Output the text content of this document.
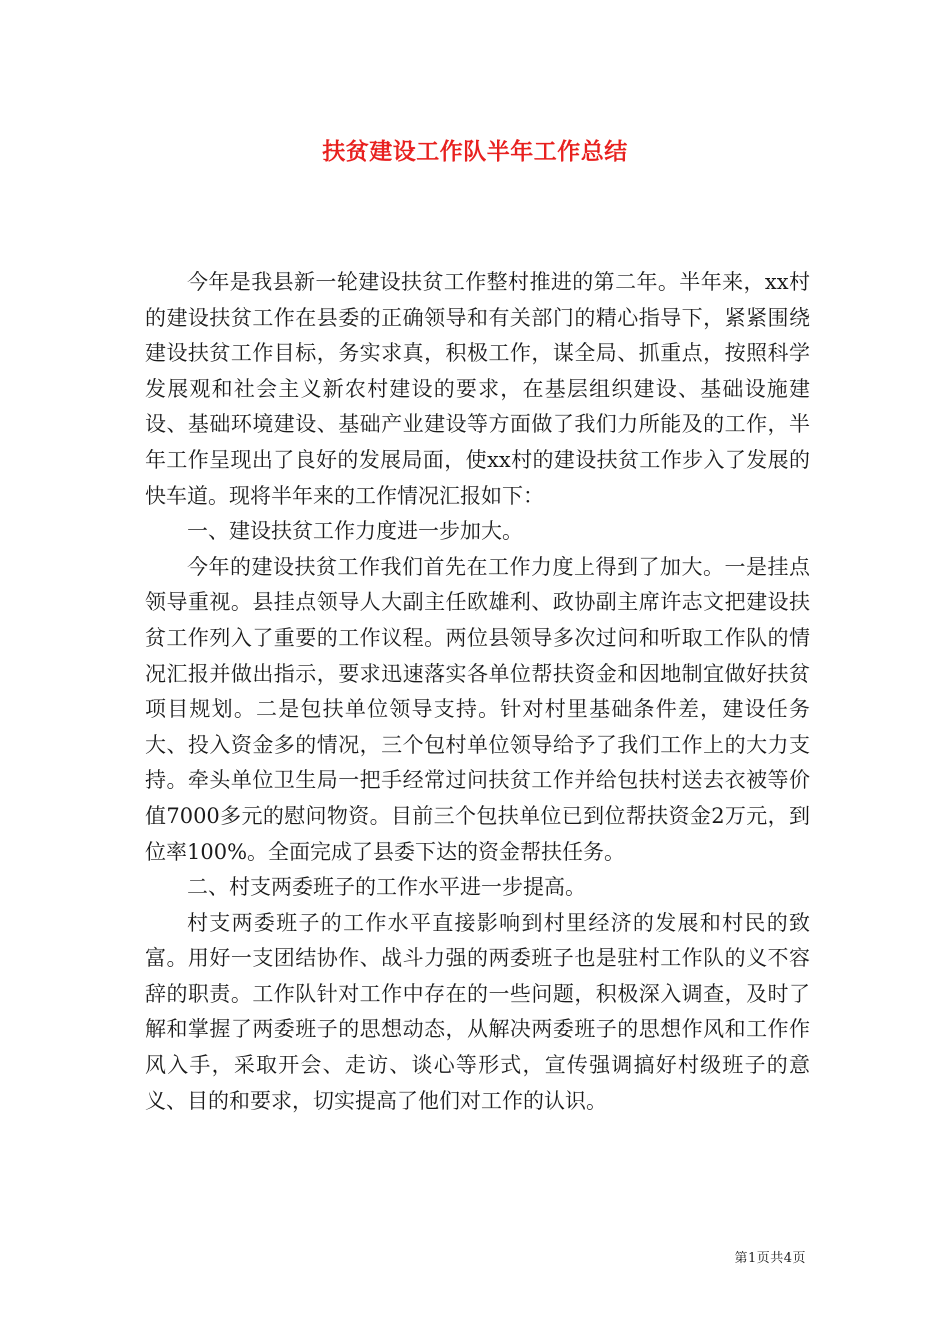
扶贫建设工作队半年工作总结

今年是我县新一轮建设扶贫工作整村推进的第二年。半年来，xx村的建设扶贫工作在县委的正确领导和有关部门的精心指导下，紧紧围绕建设扶贫工作目标，务实求真，积极工作，谋全局、抓重点，按照科学发展观和社会主义新农村建设的要求，在基层组织建设、基础设施建设、基础环境建设、基础产业建设等方面做了我们力所能及的工作，半年工作呈现出了良好的发展局面，使xx村的建设扶贫工作步入了发展的快车道。现将半年来的工作情况汇报如下：

一、建设扶贫工作力度进一步加大。

今年的建设扶贫工作我们首先在工作力度上得到了加大。一是挂点领导重视。县挂点领导人大副主任欧雄利、政协副主席许志文把建设扶贫工作列入了重要的工作议程。两位县领导多次过问和听取工作队的情况汇报并做出指示，要求迅速落实各单位帮扶资金和因地制宜做好扶贫项目规划。二是包扶单位领导支持。针对村里基础条件差，建设任务大、投入资金多的情况，三个包村单位领导给予了我们工作上的大力支持。牵头单位卫生局一把手经常过问扶贫工作并给包扶村送去衣被等价值7000多元的慰问物资。目前三个包扶单位已到位帮扶资金2万元，到位率100%。全面完成了县委下达的资金帮扶任务。

二、村支两委班子的工作水平进一步提高。

村支两委班子的工作水平直接影响到村里经济的发展和村民的致富。用好一支团结协作、战斗力强的两委班子也是驻村工作队的义不容辞的职责。工作队针对工作中存在的一些问题，积极深入调查，及时了解和掌握了两委班子的思想动态，从解决两委班子的思想作风和工作作风入手，采取开会、走访、谈心等形式，宣传强调搞好村级班子的意义、目的和要求，切实提高了他们对工作的认识。

第1页共4页
